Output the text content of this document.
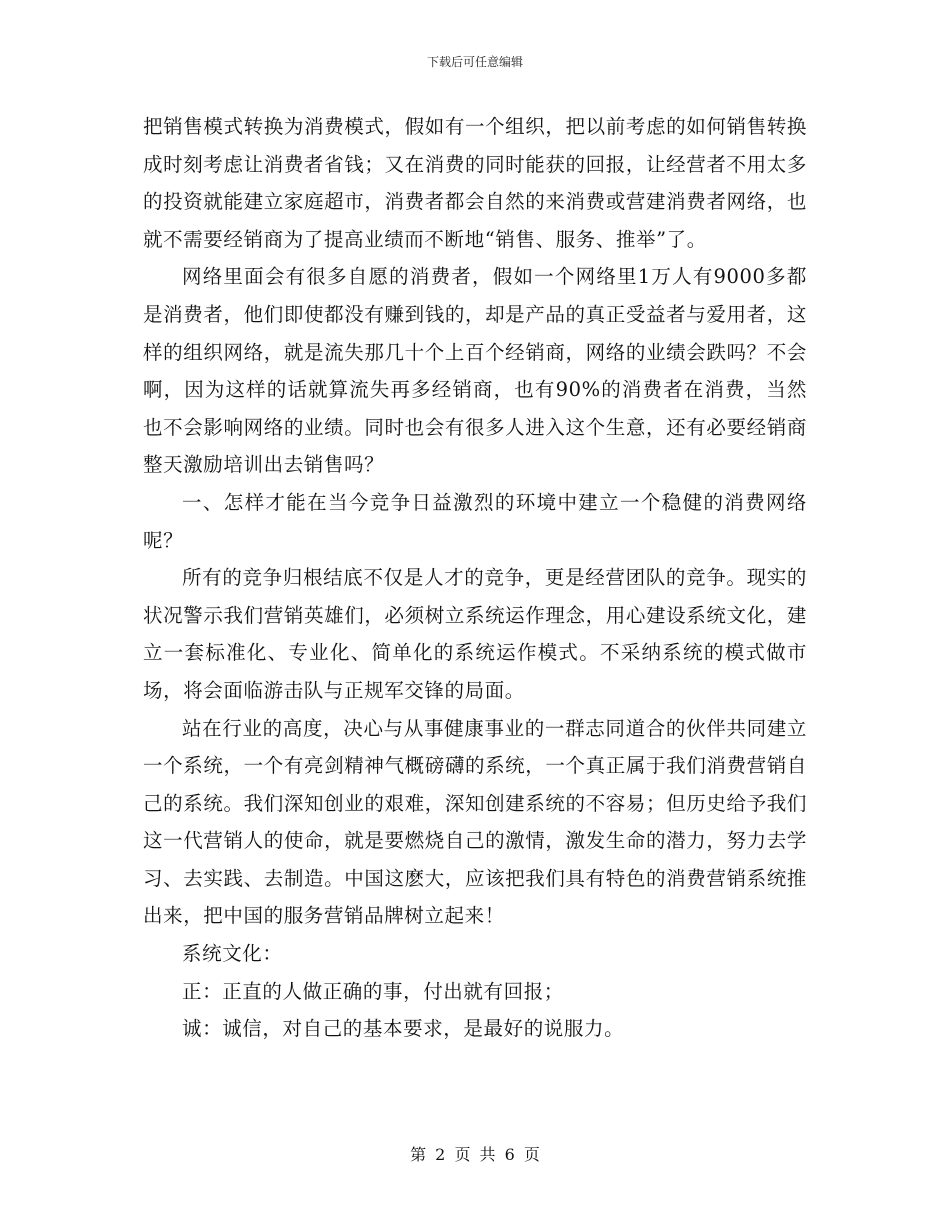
下载后可任意编辑

把销售模式转换为消费模式，假如有一个组织，把以前考虑的如何销售转换成时刻考虑让消费者省钱；又在消费的同时能获的回报，让经营者不用太多的投资就能建立家庭超市，消费者都会自然的来消费或营建消费者网络，也就不需要经销商为了提高业绩而不断地“销售、服务、推举”了。

网络里面会有很多自愿的消费者，假如一个网络里1万人有9000多都是消费者，他们即使都没有赚到钱的，却是产品的真正受益者与爱用者，这样的组织网络，就是流失那几十个上百个经销商，网络的业绩会跌吗？不会啊，因为这样的话就算流失再多经销商，也有90%的消费者在消费，当然也不会影响网络的业绩。同时也会有很多人进入这个生意，还有必要经销商整天激励培训出去销售吗？

一、怎样才能在当今竞争日益激烈的环境中建立一个稳健的消费网络呢？

所有的竞争归根结底不仅是人才的竞争，更是经营团队的竞争。现实的状况警示我们营销英雄们，必须树立系统运作理念，用心建设系统文化，建立一套标准化、专业化、简单化的系统运作模式。不采纳系统的模式做市场，将会面临游击队与正规军交锋的局面。

站在行业的高度，决心与从事健康事业的一群志同道合的伙伴共同建立一个系统，一个有亮剑精神气概磅礴的系统，一个真正属于我们消费营销自己的系统。我们深知创业的艰难，深知创建系统的不容易；但历史给予我们这一代营销人的使命，就是要燃烧自己的激情，激发生命的潜力，努力去学习、去实践、去制造。中国这麽大，应该把我们具有特色的消费营销系统推出来，把中国的服务营销品牌树立起来！

系统文化：

正：正直的人做正确的事，付出就有回报；

诚：诚信，对自己的基本要求，是最好的说服力。

第 2 页 共 6 页
